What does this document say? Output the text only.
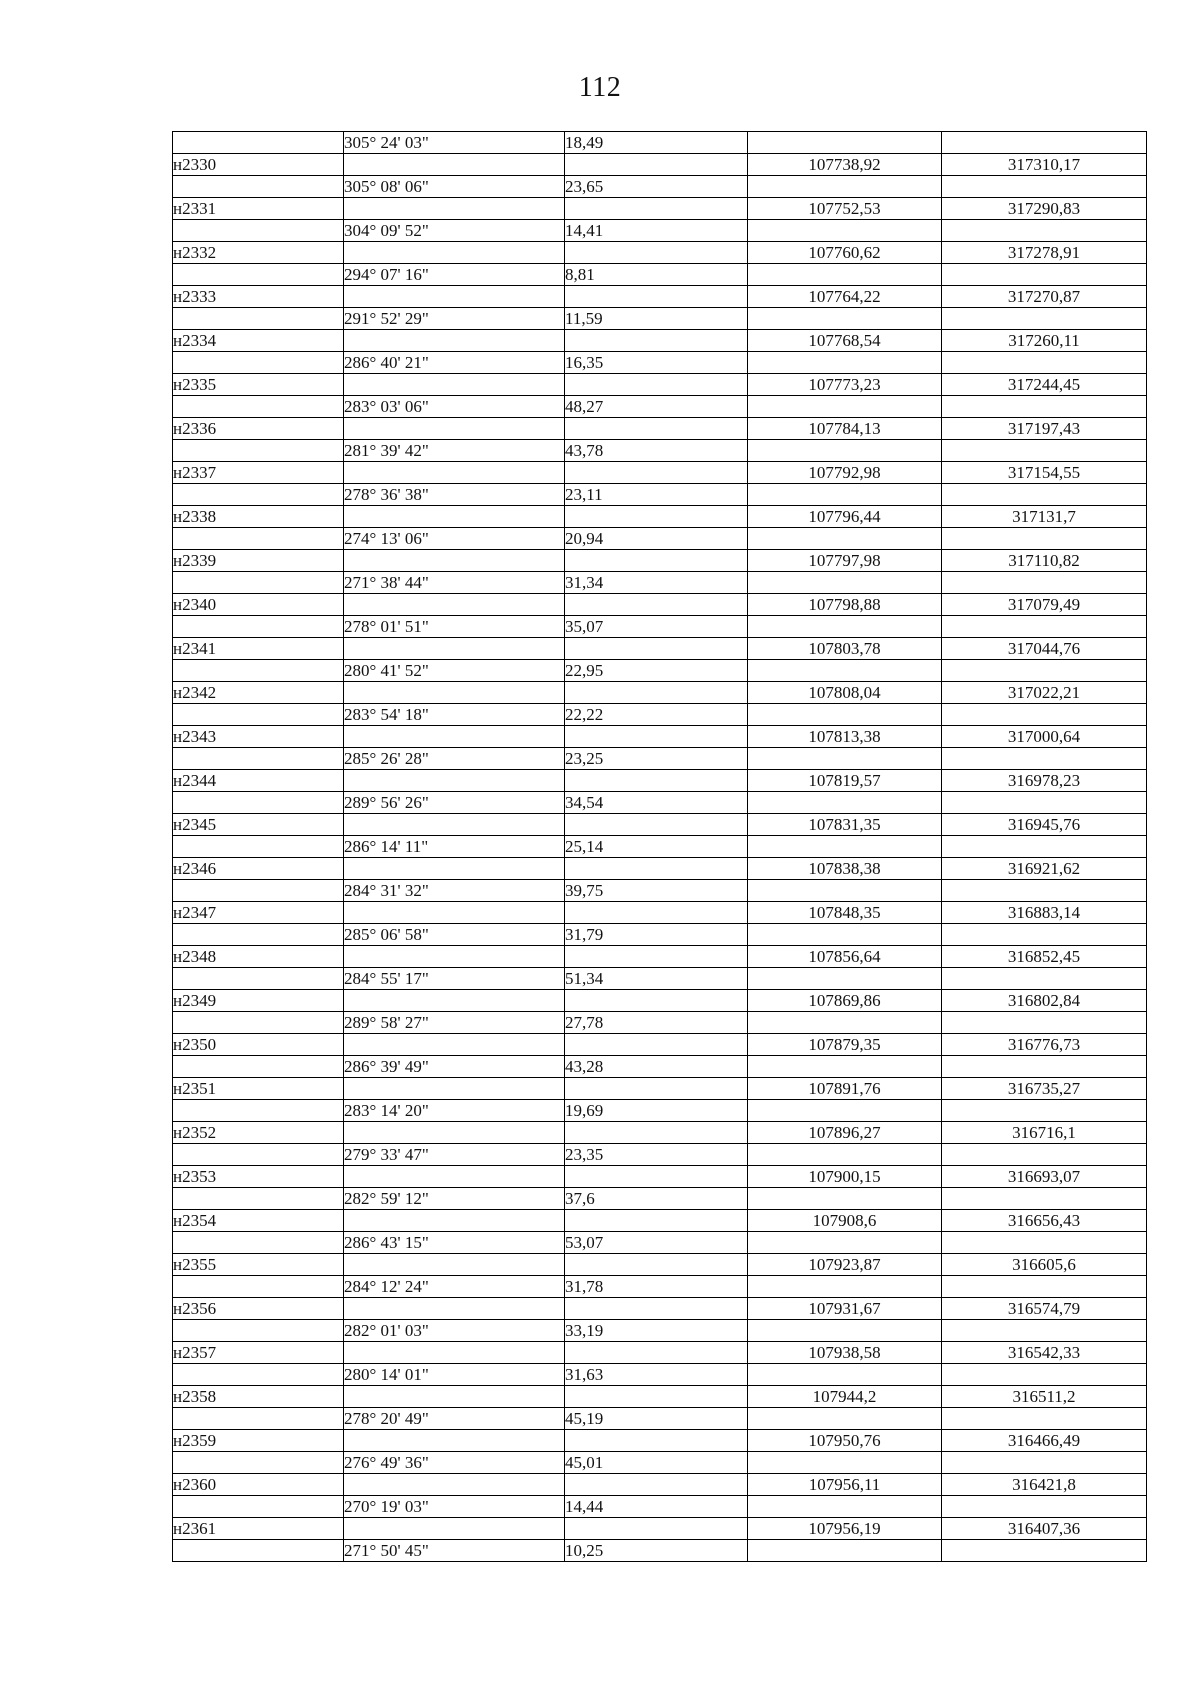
112
	305° 24' 03"	18,49		
н2330			107738,92	317310,17
	305° 08' 06"	23,65		
н2331			107752,53	317290,83
	304° 09' 52"	14,41		
н2332			107760,62	317278,91
	294° 07' 16"	8,81		
н2333			107764,22	317270,87
	291° 52' 29"	11,59		
н2334			107768,54	317260,11
	286° 40' 21"	16,35		
н2335			107773,23	317244,45
	283° 03' 06"	48,27		
н2336			107784,13	317197,43
	281° 39' 42"	43,78		
н2337			107792,98	317154,55
	278° 36' 38"	23,11		
н2338			107796,44	317131,7
	274° 13' 06"	20,94		
н2339			107797,98	317110,82
	271° 38' 44"	31,34		
н2340			107798,88	317079,49
	278° 01' 51"	35,07		
н2341			107803,78	317044,76
	280° 41' 52"	22,95		
н2342			107808,04	317022,21
	283° 54' 18"	22,22		
н2343			107813,38	317000,64
	285° 26' 28"	23,25		
н2344			107819,57	316978,23
	289° 56' 26"	34,54		
н2345			107831,35	316945,76
	286° 14' 11"	25,14		
н2346			107838,38	316921,62
	284° 31' 32"	39,75		
н2347			107848,35	316883,14
	285° 06' 58"	31,79		
н2348			107856,64	316852,45
	284° 55' 17"	51,34		
н2349			107869,86	316802,84
	289° 58' 27"	27,78		
н2350			107879,35	316776,73
	286° 39' 49"	43,28		
н2351			107891,76	316735,27
	283° 14' 20"	19,69		
н2352			107896,27	316716,1
	279° 33' 47"	23,35		
н2353			107900,15	316693,07
	282° 59' 12"	37,6		
н2354			107908,6	316656,43
	286° 43' 15"	53,07		
н2355			107923,87	316605,6
	284° 12' 24"	31,78		
н2356			107931,67	316574,79
	282° 01' 03"	33,19		
н2357			107938,58	316542,33
	280° 14' 01"	31,63		
н2358			107944,2	316511,2
	278° 20' 49"	45,19		
н2359			107950,76	316466,49
	276° 49' 36"	45,01		
н2360			107956,11	316421,8
	270° 19' 03"	14,44		
н2361			107956,19	316407,36
	271° 50' 45"	10,25		
